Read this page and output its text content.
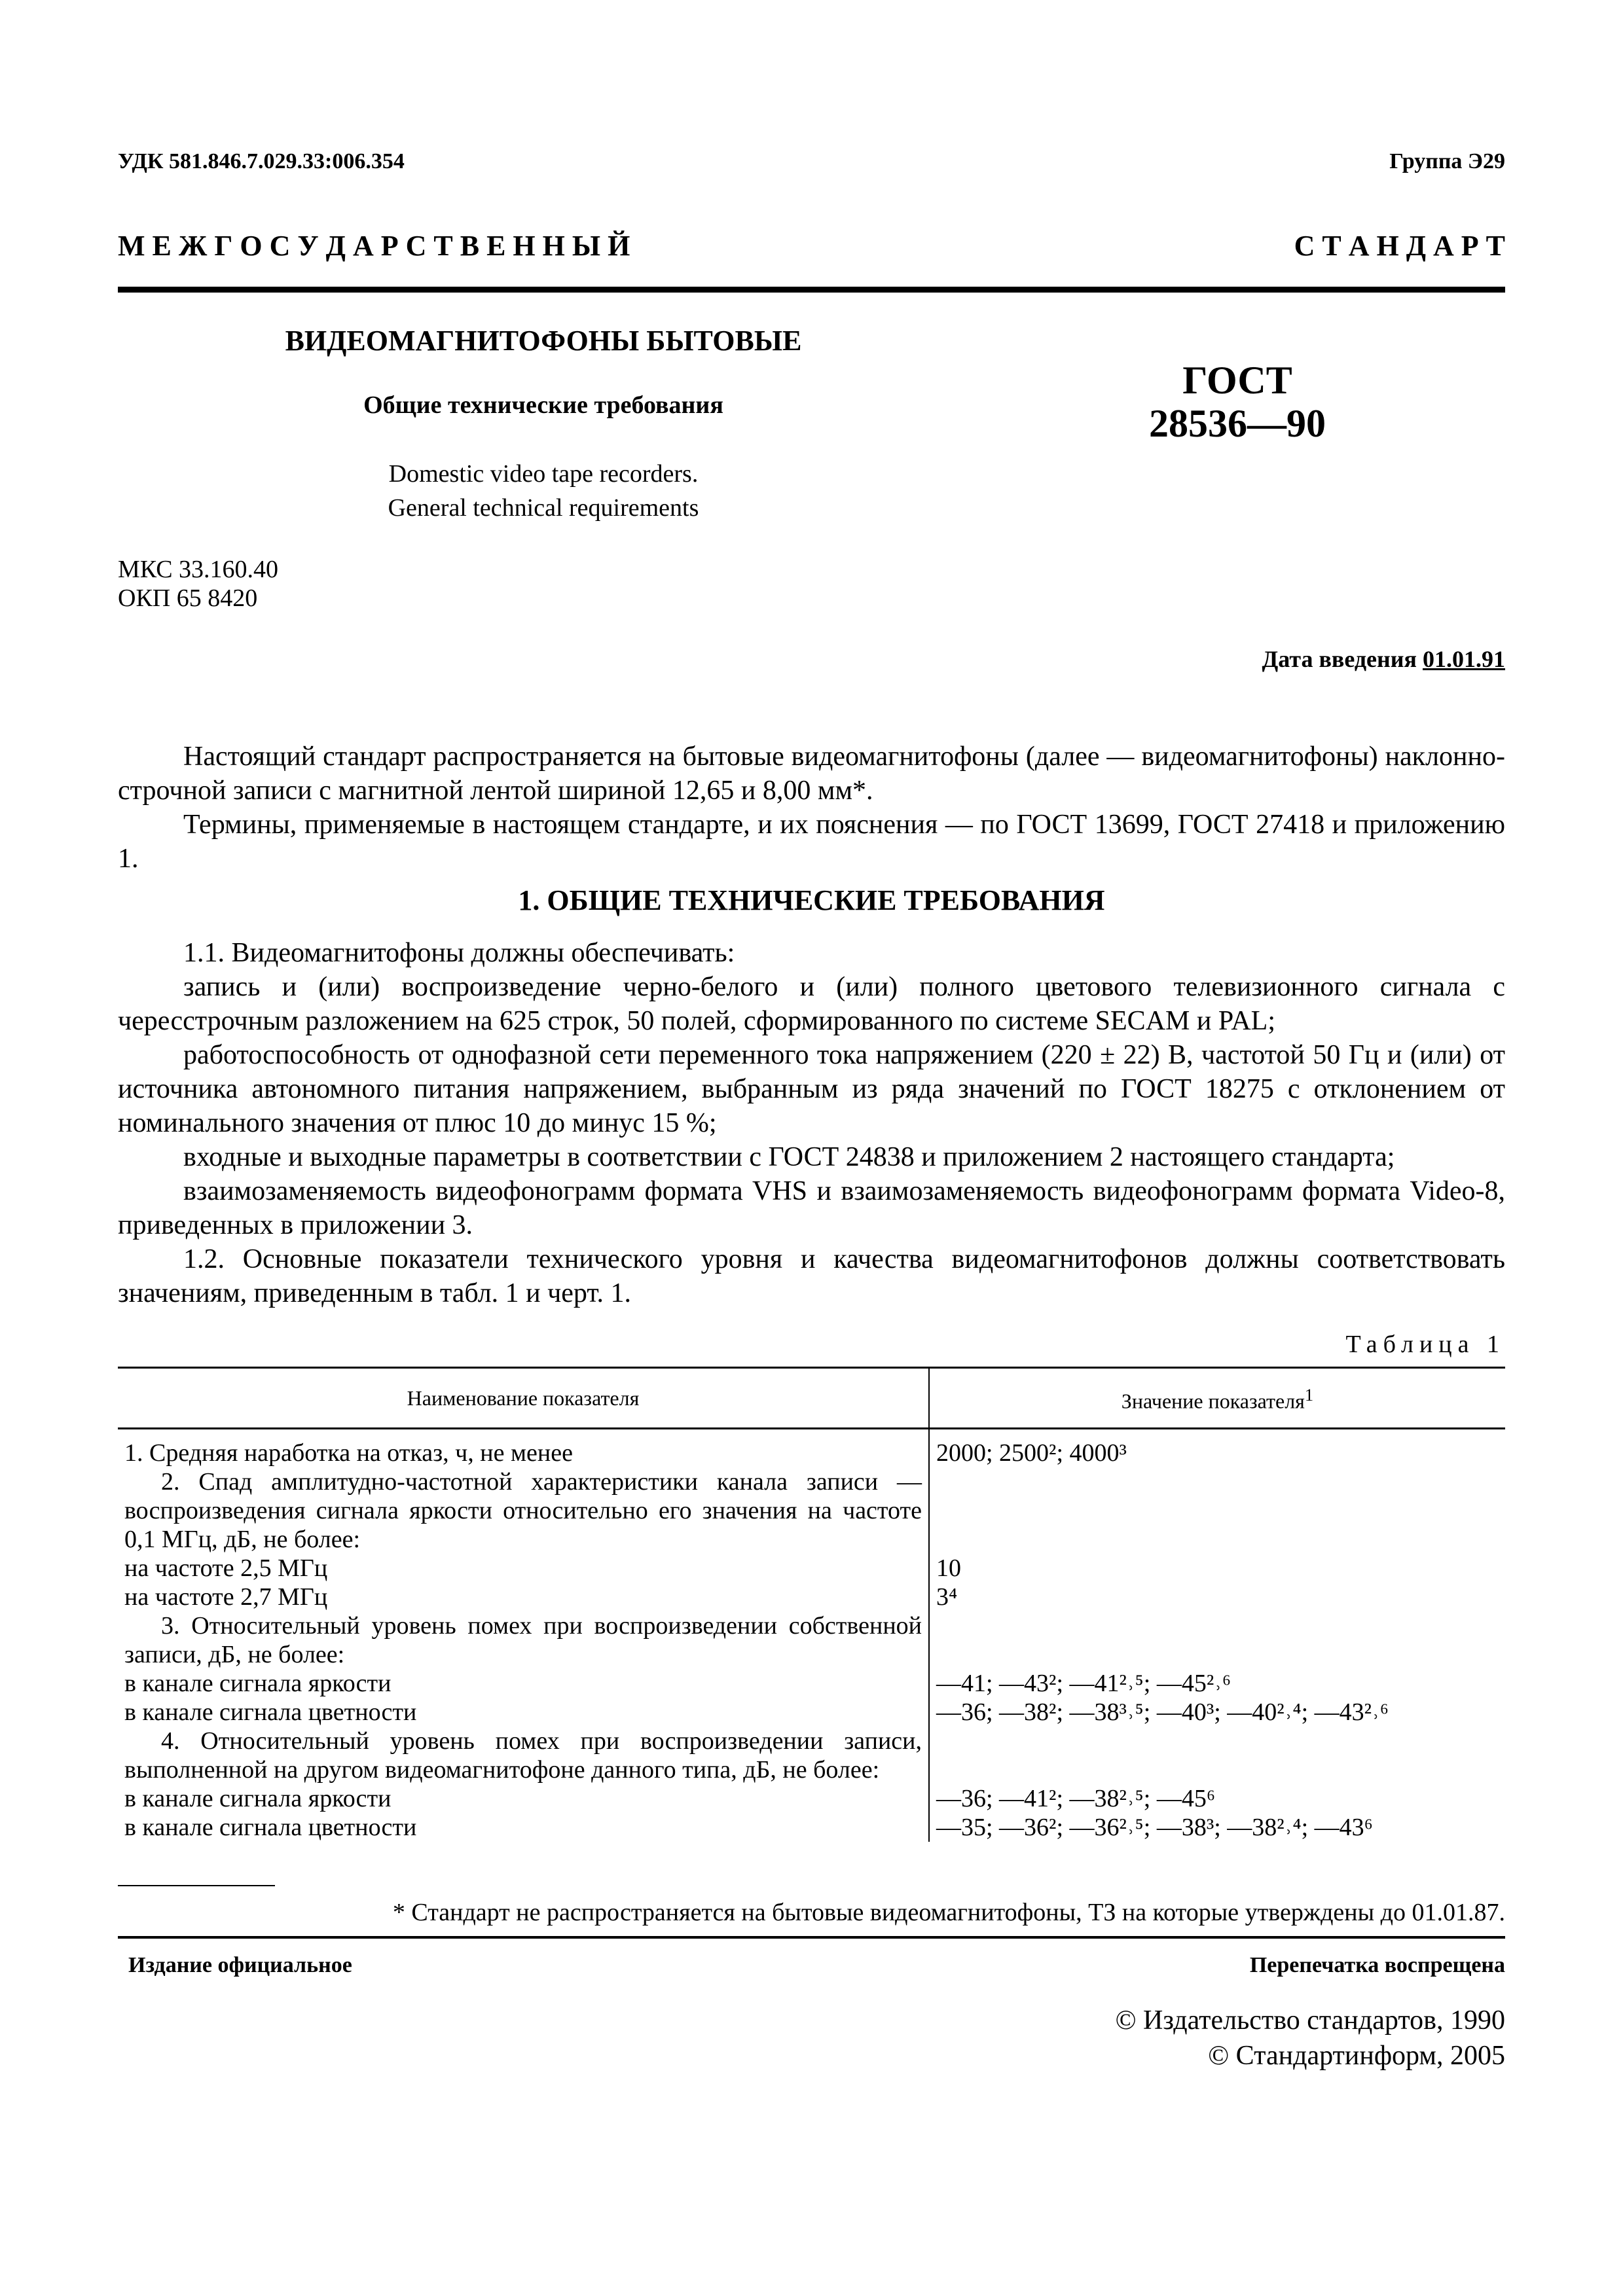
УДК 581.846.7.029.33:006.354	Группа Э29
М Е Ж Г О С У Д А Р С Т В Е Н Н Ы Й	С Т А Н Д А Р Т
ВИДЕОМАГНИТОФОНЫ БЫТОВЫЕ
Общие технические требования
Domestic video tape recorders.
General technical requirements
ГОСТ
28536—90
МКС 33.160.40
ОКП 65 8420
Дата введения 01.01.91

Настоящий стандарт распространяется на бытовые видеомагнитофоны (далее — видеомагнитофоны) наклонно-строчной записи с магнитной лентой шириной 12,65 и 8,00 мм*.

Термины, применяемые в настоящем стандарте, и их пояснения — по ГОСТ 13699, ГОСТ 27418 и приложению 1.

1. ОБЩИЕ ТЕХНИЧЕСКИЕ ТРЕБОВАНИЯ

1.1. Видеомагнитофоны должны обеспечивать:

запись и (или) воспроизведение черно-белого и (или) полного цветового телевизионного сигнала с чересстрочным разложением на 625 строк, 50 полей, сформированного по системе SECAM и PAL;

работоспособность от однофазной сети переменного тока напряжением (220 ± 22) В, частотой 50 Гц и (или) от источника автономного питания напряжением, выбранным из ряда значений по ГОСТ 18275 с отклонением от номинального значения от плюс 10 до минус 15 %;

входные и выходные параметры в соответствии с ГОСТ 24838 и приложением 2 настоящего стандарта;

взаимозаменяемость видеофонограмм формата VHS и взаимозаменяемость видеофонограмм формата Video-8, приведенных в приложении 3.

1.2. Основные показатели технического уровня и качества видеомагнитофонов должны соответствовать значениям, приведенным в табл. 1 и черт. 1.

Таблица 1
Наименование показателя	Значение показателя$^1$
1. Средняя наработка на отказ, ч, не менее	2000; 2500²; 4000³
2. Спад амплитудно-частотной характеристики канала записи — воспроизведения сигнала яркости относительно его значения на частоте 0,1 МГц, дБ, не более:	
на частоте 2,5 МГц	10
на частоте 2,7 МГц	3⁴
3. Относительный уровень помех при воспроизведении собственной записи, дБ, не более:	
в канале сигнала яркости	—41; —43²; —41²˒⁵; —45²˒⁶
в канале сигнала цветности	—36; —38²; —38³˒⁵; —40³; —40²˒⁴; —43²˒⁶
4. Относительный уровень помех при воспроизведении записи, выполненной на другом видеомагнитофоне данного типа, дБ, не более:	
в канале сигнала яркости	—36; —41²; —38²˒⁵; —45⁶
в канале сигнала цветности	—35; —36²; —36²˒⁵; —38³; —38²˒⁴; —43⁶
* Стандарт не распространяется на бытовые видеомагнитофоны, ТЗ на которые утверждены до 01.01.87.
Издание официальное	Перепечатка воспрещена
© Издательство стандартов, 1990
© Стандартинформ, 2005
